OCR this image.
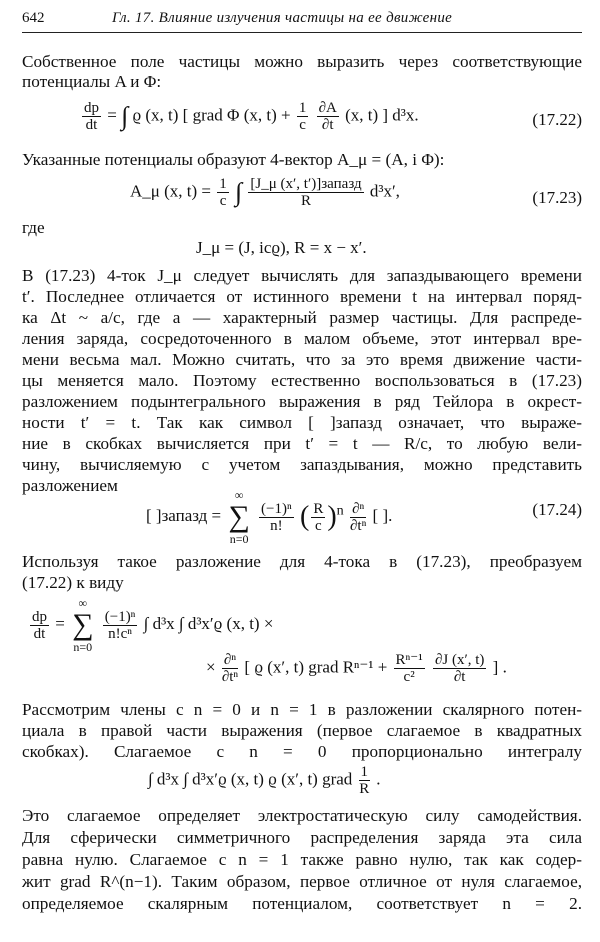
642	Гл. 17. Влияние излучения частицы на ее движение
Собственное поле частицы можно выразить через соответствующие
потенциалы A и Φ:
$\frac{dp}{dt}$ = ∫ ϱ (x, t) [ grad Φ (x, $t) + \frac{1}{c}$
$\frac{\partial A}{\partial t} (x$, t) ] d³x.	(17.22)
Указанные потенциалы образуют 4-вектор A_μ = (A, i Φ):
A_μ (x, $t) = \frac{1}{c}$ ∫ $\frac{\text{[J\_μ (x′, t′)]запазд}}{R} d^3x'$,	(17.23)
где
J_μ = (J, icϱ), R = x − x′.
В (17.23) 4-ток J_μ следует вычислять для запаздывающего времени
t′. Последнее отличается от истинного времени t на интервал поряд-
ка Δt ~ a/c, где a — характерный размер частицы. Для распреде-
ления заряда, сосредоточенного в малом объеме, этот интервал вре-
мени весьма мал. Можно считать, что за это время движение части-
цы меняется мало. Поэтому естественно воспользоваться в (17.23)
разложением подынтегрального выражения в ряд Тейлора в окрест-
ности t′ = t. Так как символ [ ]запазд означает, что выраже-
ние в скобках вычисляется при t′ = t — R/c, то любую вели-
чину, вычисляемую с учетом запаздывания, можно представить
разложением
[ ]запазд =
∞
∑
n=0

$\frac{\text{(−1)ⁿ}}{n!}$ ( $\frac{R}{c} )^n \frac{\text{∂ⁿ}}{\text{∂tⁿ}}$ [ ].	(17.24)
Используя такое разложение для 4-тока в (17.23), преобразуем
(17.22) к виду
$\frac{dp}{dt}$ =
∞
∑
n=0

$\frac{\text{(−1)ⁿ}}{\text{n!cⁿ}}$ ∫ d³x ∫ d³x′ϱ (x, t) ×
× $\frac{\text{∂ⁿ}}{\text{∂tⁿ}}$ [ ϱ (x′, t) grad $R^{n-1} + \frac{\text{Rⁿ⁻¹}}{\text{c²}}$
$\frac{\partial J (x', t)}{\partial t}$ ] .
Рассмотрим члены с n = 0 и n = 1 в разложении скалярного потен-
циала в правой части выражения (первое слагаемое в квадратных
скобках). Слагаемое с n = 0 пропорционально интегралу
∫ d³x ∫ d³x′ϱ (x, t) ϱ (x′, t) grad $\frac{1}{R}$ .
Это слагаемое определяет электростатическую силу самодействия.
Для сферически симметричного распределения заряда эта сила
равна нулю. Слагаемое с n = 1 также равно нулю, так как содер-
жит grad R^(n−1). Таким образом, первое отличное от нуля слагаемое,
определяемое скалярным потенциалом, соответствует n = 2.
